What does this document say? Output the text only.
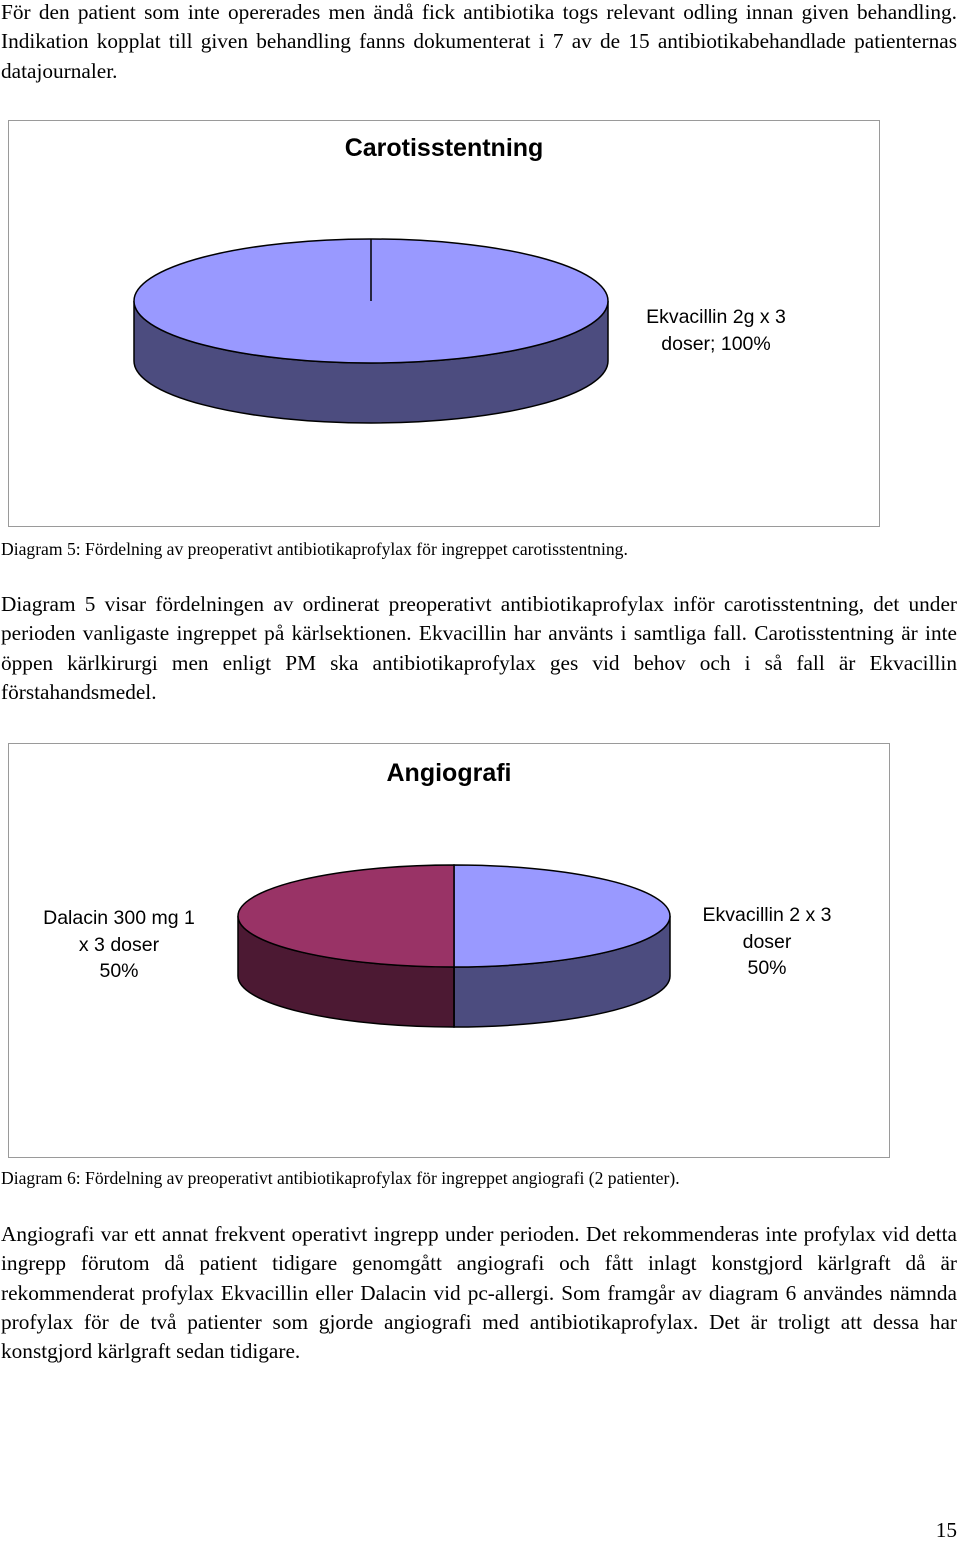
För den patient som inte opererades men ändå fick antibiotika togs relevant odling innan given behandling. Indikation kopplat till given behandling fanns dokumenterat i 7 av de 15 antibiotikabehandlade patienternas datajournaler.

Carotisstentning
Ekvacillin 2g x 3
doser; 100%

Diagram 5: Fördelning av preoperativt antibiotikaprofylax för ingreppet carotisstentning.

Diagram 5 visar fördelningen av ordinerat preoperativt antibiotikaprofylax inför carotisstentning, det under perioden vanligaste ingreppet på kärlsektionen. Ekvacillin har använts i samtliga fall. Carotisstentning är inte öppen kärlkirurgi men enligt PM ska antibiotikaprofylax ges vid behov och i så fall är Ekvacillin förstahandsmedel.

Angiografi
Dalacin 300 mg 1
x 3 doser
50%
Ekvacillin 2 x 3
doser
50%

Diagram 6: Fördelning av preoperativt antibiotikaprofylax för ingreppet angiografi (2 patienter).

Angiografi var ett annat frekvent operativt ingrepp under perioden. Det rekommenderas inte profylax vid detta ingrepp förutom då patient tidigare genomgått angiografi och fått inlagt konstgjord kärlgraft då är rekommenderat profylax Ekvacillin eller Dalacin vid pc-allergi. Som framgår av diagram 6 användes nämnda profylax för de två patienter som gjorde angiografi med antibiotikaprofylax. Det är troligt att dessa har konstgjord kärlgraft sedan tidigare.

15
